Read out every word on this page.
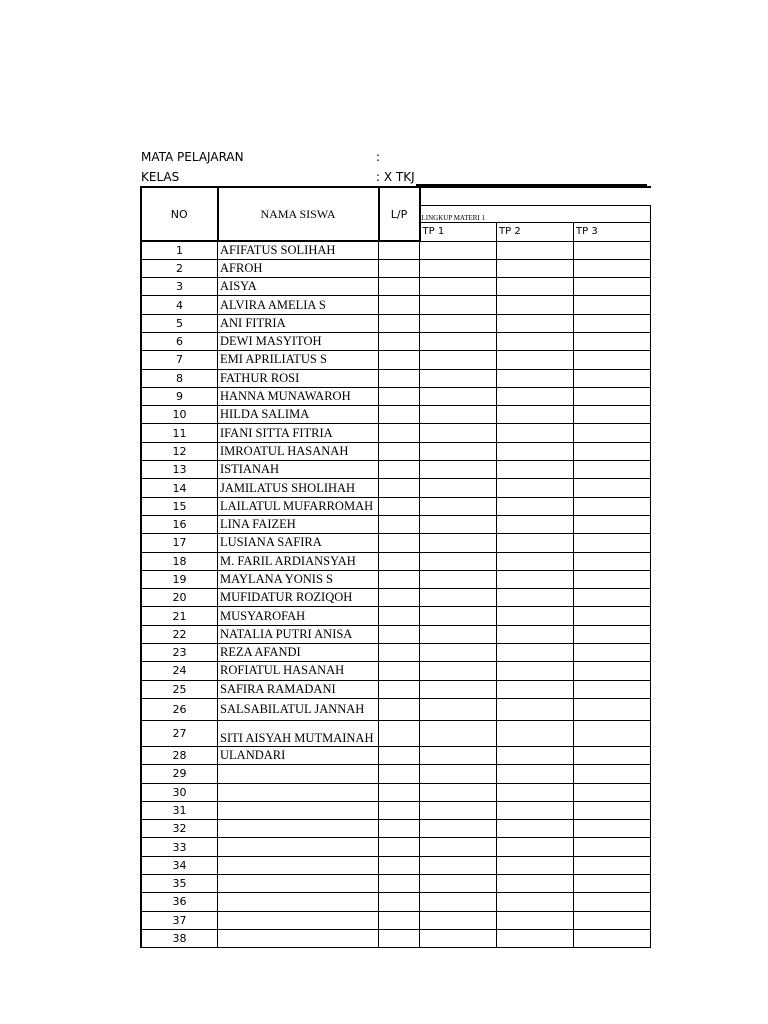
MATA PELAJARAN	:
KELAS	: X TKJ
NO	NAMA SISWA	L/P			
			LINGKUP MATERI 1		
			TP 1	TP 2	TP 3
1	AFIFATUS SOLIHAH				
2	AFROH				
3	AISYA				
4	ALVIRA AMELIA S				
5	ANI FITRIA				
6	DEWI MASYITOH				
7	EMI APRILIATUS S				
8	FATHUR ROSI				
9	HANNA MUNAWAROH				
10	HILDA SALIMA				
11	IFANI SITTA FITRIA				
12	IMROATUL HASANAH				
13	ISTIANAH				
14	JAMILATUS SHOLIHAH				
15	LAILATUL MUFARROMAH				
16	LINA FAIZEH				
17	LUSIANA SAFIRA				
18	M. FARIL ARDIANSYAH				
19	MAYLANA YONIS S				
20	MUFIDATUR ROZIQOH				
21	MUSYAROFAH				
22	NATALIA PUTRI ANISA				
23	REZA AFANDI				
24	ROFIATUL HASANAH				
25	SAFIRA RAMADANI				
26	SALSABILATUL JANNAH				
27	SITI AISYAH MUTMAINAH				
28	ULANDARI				
29					
30					
31					
32					
33					
34					
35					
36					
37					
38					
